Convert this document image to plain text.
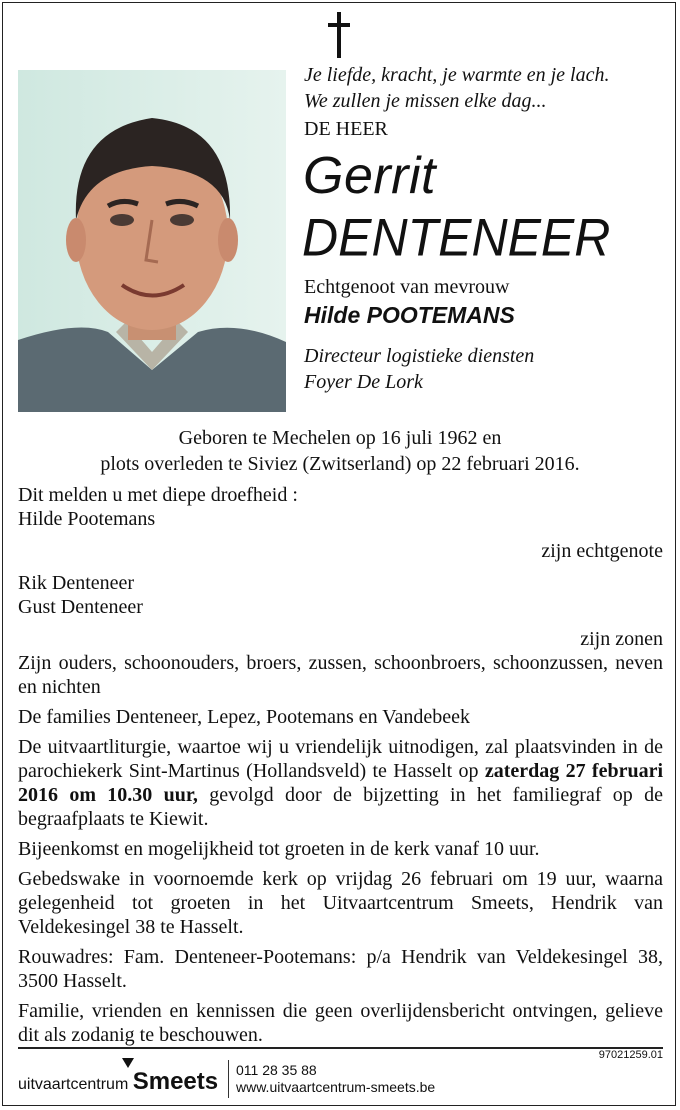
Je liefde, kracht, je warmte en je lach.
We zullen je missen elke dag...
DE HEER
Gerrit
DENTENEER
Echtgenoot van mevrouw
Hilde POOTEMANS
Directeur logistieke diensten
Foyer De Lork
Geboren te Mechelen op 16 juli 1962 en
plots overleden te Siviez (Zwitserland) op 22 februari 2016.

Dit melden u met diepe droefheid :

Hilde Pootemans

zijn echtgenote

Rik Denteneer

Gust Denteneer

zijn zonen

Zijn ouders, schoonouders, broers, zussen, schoonbroers, schoonzussen, neven en nichten

De families Denteneer, Lepez, Pootemans en Vandebeek

De uitvaartliturgie, waartoe wij u vriendelijk uitnodigen, zal plaatsvinden in de parochiekerk Sint-Martinus (Hollandsveld) te Hasselt op zaterdag 27 februari 2016 om 10.30 uur, gevolgd door de bijzetting in het familiegraf op de begraafplaats te Kiewit.

Bijeenkomst en mogelijkheid tot groeten in de kerk vanaf 10 uur.

Gebedswake in voornoemde kerk op vrijdag 26 februari om 19 uur, waarna gelegenheid tot groeten in het Uitvaartcentrum Smeets, Hendrik van Veldekesingel 38 te Hasselt.

Rouwadres: Fam. Denteneer-Pootemans: p/a Hendrik van Veldekesingel 38, 3500 Hasselt.

Familie, vrienden en kennissen die geen overlijdensbericht ontvingen, gelieve dit als zodanig te beschouwen.

97021259.01
uitvaartcentrum Smeets 011 28 35 88
www.uitvaartcentrum-smeets.be
